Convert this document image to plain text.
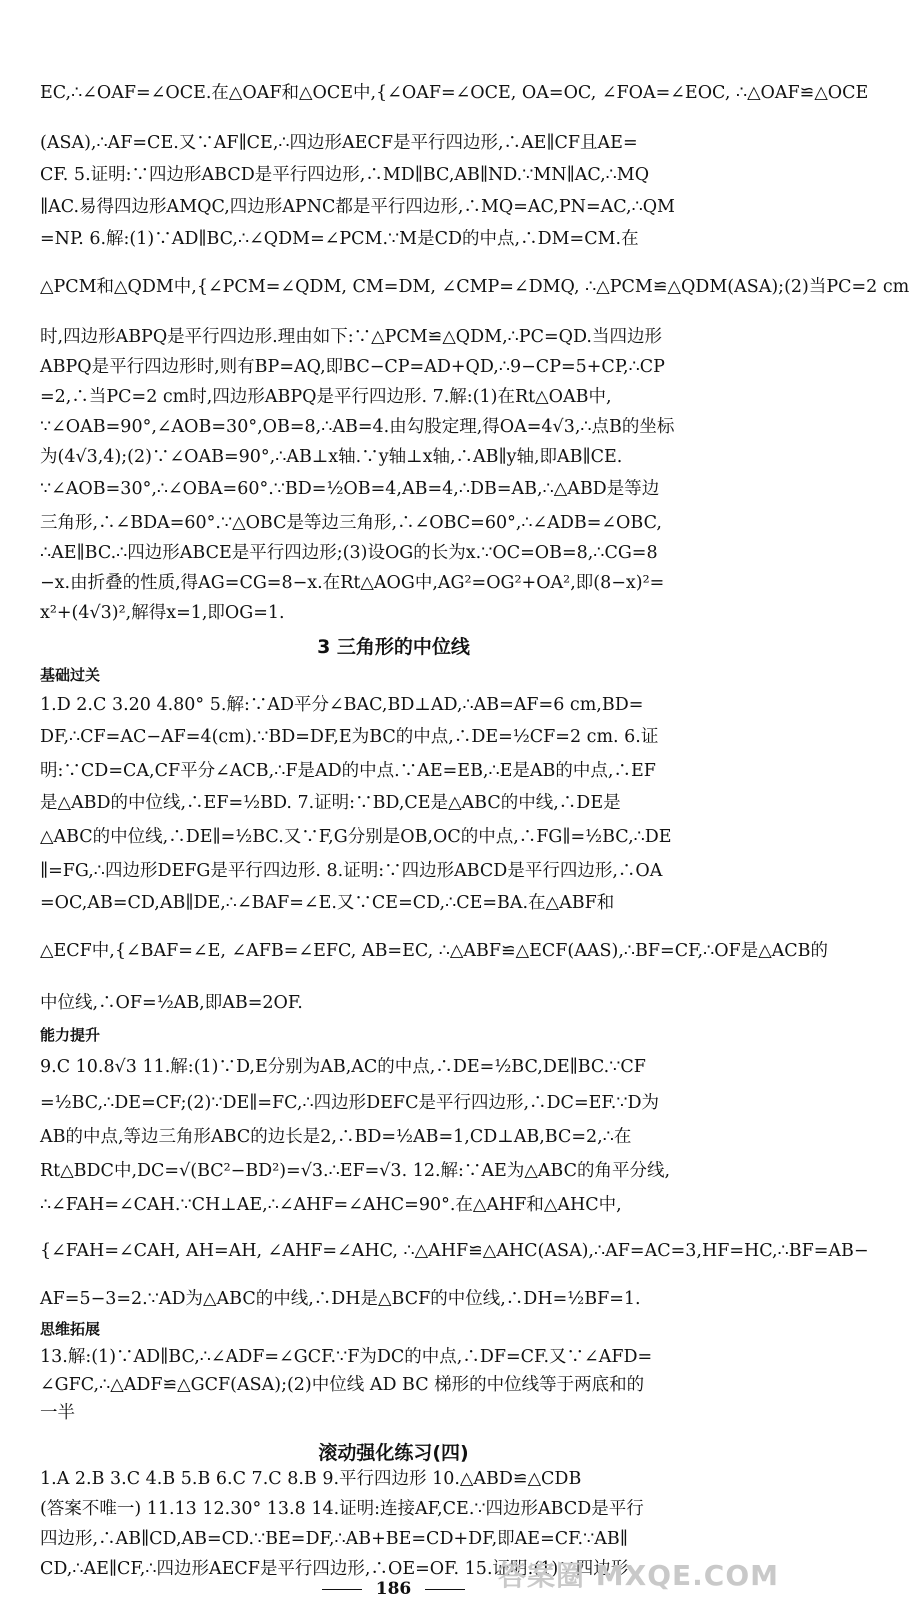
EC,∴∠OAF=∠OCE.在△OAF和△OCE中,{∠OAF=∠OCE, OA=OC, ∠FOA=∠EOC, ∴△OAF≌△OCE
(ASA),∴AF=CE.又∵AF∥CE,∴四边形AECF是平行四边形,∴AE∥CF且AE=
CF. 5.证明:∵四边形ABCD是平行四边形,∴MD∥BC,AB∥ND.∵MN∥AC,∴MQ
∥AC.易得四边形AMQC,四边形APNC都是平行四边形,∴MQ=AC,PN=AC,∴QM
=NP. 6.解:(1)∵AD∥BC,∴∠QDM=∠PCM.∵M是CD的中点,∴DM=CM.在
△PCM和△QDM中,{∠PCM=∠QDM, CM=DM, ∠CMP=∠DMQ, ∴△PCM≌△QDM(ASA);(2)当PC=2 cm
时,四边形ABPQ是平行四边形.理由如下:∵△PCM≌△QDM,∴PC=QD.当四边形
ABPQ是平行四边形时,则有BP=AQ,即BC−CP=AD+QD,∴9−CP=5+CP,∴CP
=2,∴当PC=2 cm时,四边形ABPQ是平行四边形. 7.解:(1)在Rt△OAB中,
∵∠OAB=90°,∠AOB=30°,OB=8,∴AB=4.由勾股定理,得OA=4√3,∴点B的坐标
为(4√3,4);(2)∵∠OAB=90°,∴AB⊥x轴.∵y轴⊥x轴,∴AB∥y轴,即AB∥CE.
∵∠AOB=30°,∴∠OBA=60°.∵BD=½OB=4,AB=4,∴DB=AB,∴△ABD是等边
三角形,∴∠BDA=60°.∵△OBC是等边三角形,∴∠OBC=60°,∴∠ADB=∠OBC,
∴AE∥BC.∴四边形ABCE是平行四边形;(3)设OG的长为x.∵OC=OB=8,∴CG=8
−x.由折叠的性质,得AG=CG=8−x.在Rt△AOG中,AG²=OG²+OA²,即(8−x)²=
x²+(4√3)²,解得x=1,即OG=1.
3 三角形的中位线
基础过关
1.D 2.C 3.20 4.80° 5.解:∵AD平分∠BAC,BD⊥AD,∴AB=AF=6 cm,BD=
DF,∴CF=AC−AF=4(cm).∵BD=DF,E为BC的中点,∴DE=½CF=2 cm. 6.证
明:∵CD=CA,CF平分∠ACB,∴F是AD的中点.∵AE=EB,∴E是AB的中点,∴EF
是△ABD的中位线,∴EF=½BD. 7.证明:∵BD,CE是△ABC的中线,∴DE是
△ABC的中位线,∴DE∥=½BC.又∵F,G分别是OB,OC的中点,∴FG∥=½BC,∴DE
∥=FG,∴四边形DEFG是平行四边形. 8.证明:∵四边形ABCD是平行四边形,∴OA
=OC,AB=CD,AB∥DE,∴∠BAF=∠E.又∵CE=CD,∴CE=BA.在△ABF和
△ECF中,{∠BAF=∠E, ∠AFB=∠EFC, AB=EC, ∴△ABF≌△ECF(AAS),∴BF=CF,∴OF是△ACB的
中位线,∴OF=½AB,即AB=2OF.
能力提升
9.C 10.8√3 11.解:(1)∵D,E分别为AB,AC的中点,∴DE=½BC,DE∥BC.∵CF
=½BC,∴DE=CF;(2)∵DE∥=FC,∴四边形DEFC是平行四边形,∴DC=EF.∵D为
AB的中点,等边三角形ABC的边长是2,∴BD=½AB=1,CD⊥AB,BC=2,∴在
Rt△BDC中,DC=√(BC²−BD²)=√3.∴EF=√3. 12.解:∵AE为△ABC的角平分线,
∴∠FAH=∠CAH.∵CH⊥AE,∴∠AHF=∠AHC=90°.在△AHF和△AHC中,
{∠FAH=∠CAH, AH=AH, ∠AHF=∠AHC, ∴△AHF≌△AHC(ASA),∴AF=AC=3,HF=HC,∴BF=AB−
AF=5−3=2.∵AD为△ABC的中线,∴DH是△BCF的中位线,∴DH=½BF=1.
思维拓展
13.解:(1)∵AD∥BC,∴∠ADF=∠GCF.∵F为DC的中点,∴DF=CF.又∵∠AFD=
∠GFC,∴△ADF≌△GCF(ASA);(2)中位线 AD BC 梯形的中位线等于两底和的
一半
滚动强化练习(四)
1.A 2.B 3.C 4.B 5.B 6.C 7.C 8.B 9.平行四边形 10.△ABD≌△CDB
(答案不唯一) 11.13 12.30° 13.8 14.证明:连接AF,CE.∵四边形ABCD是平行
四边形,∴AB∥CD,AB=CD.∵BE=DF,∴AB+BE=CD+DF,即AE=CF.∵AB∥
CD,∴AE∥CF,∴四边形AECF是平行四边形,∴OE=OF. 15.证明:(1)∵四边形
186	答案圈 MXQE.COM
